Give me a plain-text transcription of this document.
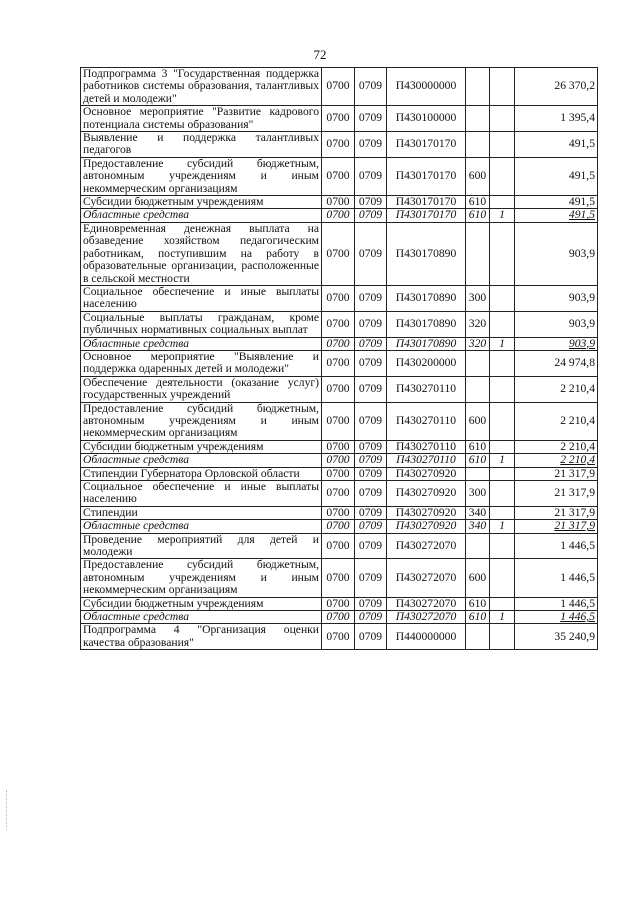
72
Подпрограмма 3 "Государственная поддержка работников системы образования, талантливых детей и молодежи"	0700	0709	П430000000			26 370,2
Основное мероприятие "Развитие кадрового потенциала системы образования"	0700	0709	П430100000			1 395,4
Выявление и поддержка талантливых педагогов	0700	0709	П430170170			491,5
Предоставление субсидий бюджетным, автономным учреждениям и иным некоммерческим организациям	0700	0709	П430170170	600		491,5
Субсидии бюджетным учреждениям	0700	0709	П430170170	610		491,5
Областные средства	0700	0709	П430170170	610	1	491,5
Единовременная денежная выплата на обзаведение хозяйством педагогическим работникам, поступившим на работу в образовательные организации, расположенные в сельской местности	0700	0709	П430170890			903,9
Социальное обеспечение и иные выплаты населению	0700	0709	П430170890	300		903,9
Социальные выплаты гражданам, кроме публичных нормативных социальных выплат	0700	0709	П430170890	320		903,9
Областные средства	0700	0709	П430170890	320	1	903,9
Основное мероприятие "Выявление и поддержка одаренных детей и молодежи"	0700	0709	П430200000			24 974,8
Обеспечение деятельности (оказание услуг) государственных учреждений	0700	0709	П430270110			2 210,4
Предоставление субсидий бюджетным, автономным учреждениям и иным некоммерческим организациям	0700	0709	П430270110	600		2 210,4
Субсидии бюджетным учреждениям	0700	0709	П430270110	610		2 210,4
Областные средства	0700	0709	П430270110	610	1	2 210,4
Стипендии Губернатора Орловской области	0700	0709	П430270920			21 317,9
Социальное обеспечение и иные выплаты населению	0700	0709	П430270920	300		21 317,9
Стипендии	0700	0709	П430270920	340		21 317,9
Областные средства	0700	0709	П430270920	340	1	21 317,9
Проведение мероприятий для детей и молодежи	0700	0709	П430272070			1 446,5
Предоставление субсидий бюджетным, автономным учреждениям и иным некоммерческим организациям	0700	0709	П430272070	600		1 446,5
Субсидии бюджетным учреждениям	0700	0709	П430272070	610		1 446,5
Областные средства	0700	0709	П430272070	610	1	1 446,5
Подпрограмма 4 "Организация оценки качества образования"	0700	0709	П440000000			35 240,9
